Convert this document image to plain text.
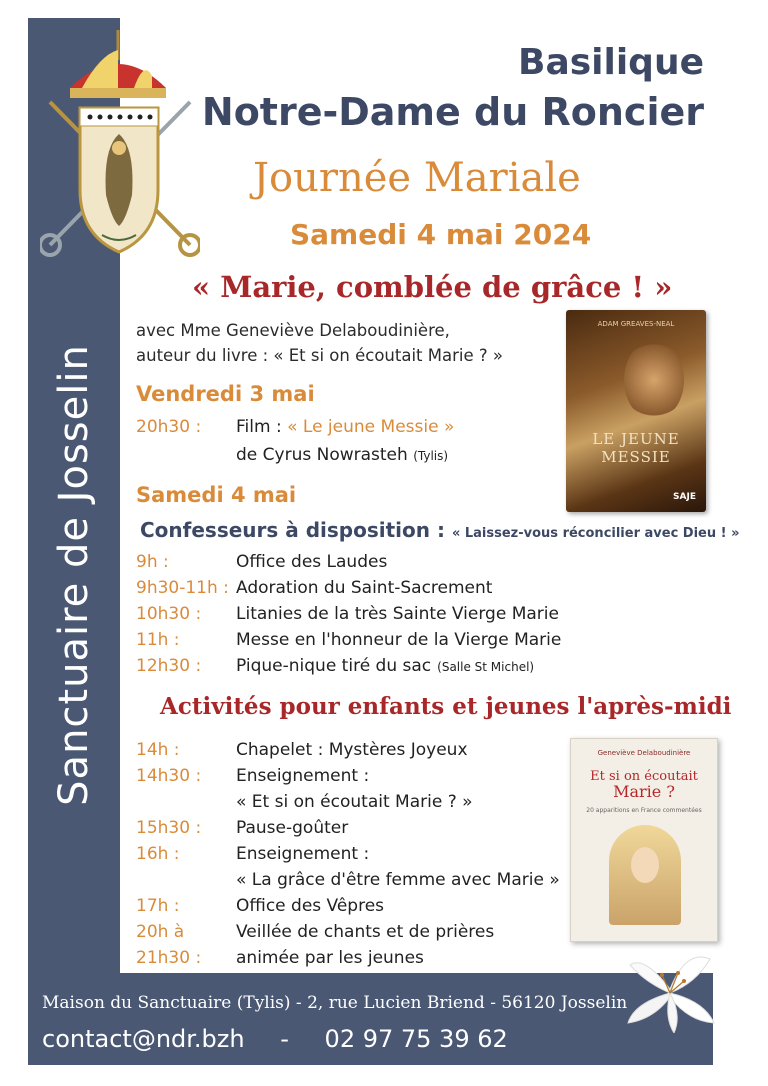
Sanctuaire de Josselin
Basilique
Notre-Dame du Roncier
Journée Mariale
Samedi 4 mai 2024
« Marie, comblée de grâce ! »
avec Mme Geneviève Delaboudinière,
auteur du livre : « Et si on écoutait Marie ? »
ADAM GREAVES-NEAL
LE JEUNE MESSIE
SAJE
Vendredi 3 mai
20h30 : Film : « Le jeune Messie »
de Cyrus Nowrasteh (Tylis)
Samedi 4 mai
Confesseurs à disposition : « Laissez-vous réconcilier avec Dieu ! »
9h :	Office des Laudes
9h30-11h : Adoration du Saint-Sacrement
10h30 : Litanies de la très Sainte Vierge Marie
11h :	Messe en l'honneur de la Vierge Marie
12h30 : Pique-nique tiré du sac (Salle St Michel)
Activités pour enfants et jeunes l'après-midi
14h :	Chapelet : Mystères Joyeux
14h30 : Enseignement :
« Et si on écoutait Marie ? »
15h30 : Pause-goûter
16h :	Enseignement :
« La grâce d'être femme avec Marie »
17h :	Office des Vêpres
20h à	Veillée de chants et de prières
21h30 : animée par les jeunes
Geneviève Delaboudinière
Et si on écoutait
Marie ?
20 apparitions en France commentées
Maison du Sanctuaire (Tylis) - 2, rue Lucien Briend - 56120 Josselin
contact@ndr.bzh - 02 97 75 39 62
